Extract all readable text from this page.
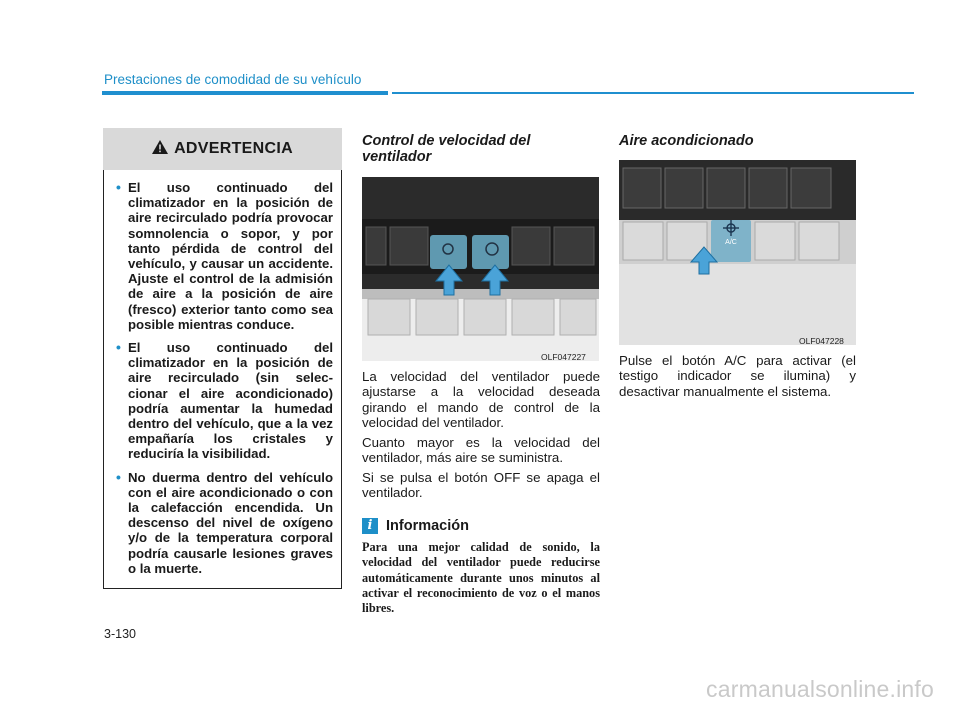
Prestaciones de comodidad de su vehículo
ADVERTENCIA
• El uso continuado del climatizador en la posición de aire recirculado podría provocar somnolencia o sopor, y por tanto pérdida de control del vehículo, y causar un accidente. Ajuste el control de la admisión de aire a la posición de aire (fresco) exterior tanto como sea posible mientras conduce.
• El uso continuado del climatizador en la posición de aire recirculado (sin selec-cionar el aire acondicionado) podría aumentar la humedad dentro del vehículo, que a la vez empañaría los cristales y reduciría la visibilidad.
• No duerma dentro del vehículo con el aire acondicionado o con la calefacción encendida. Un descenso del nivel de oxígeno y/o de la temperatura corporal podría causarle lesiones graves o la muerte.
Control de velocidad del ventilador
OLF047227

La velocidad del ventilador puede ajustarse a la velocidad deseada girando el mando de control de la velocidad del ventilador.

Cuanto mayor es la velocidad del ventilador, más aire se suministra.

Si se pulsa el botón OFF se apaga el ventilador.

i Información

Para una mejor calidad de sonido, la velocidad del ventilador puede reducirse automáticamente durante unos minutos al activar el reconocimiento de voz o el manos libres.

Aire acondicionado
A/C
OLF047228

Pulse el botón A/C para activar (el testigo indicador se ilumina) y desactivar manualmente el sistema.

3-130
carmanualsonline.info
